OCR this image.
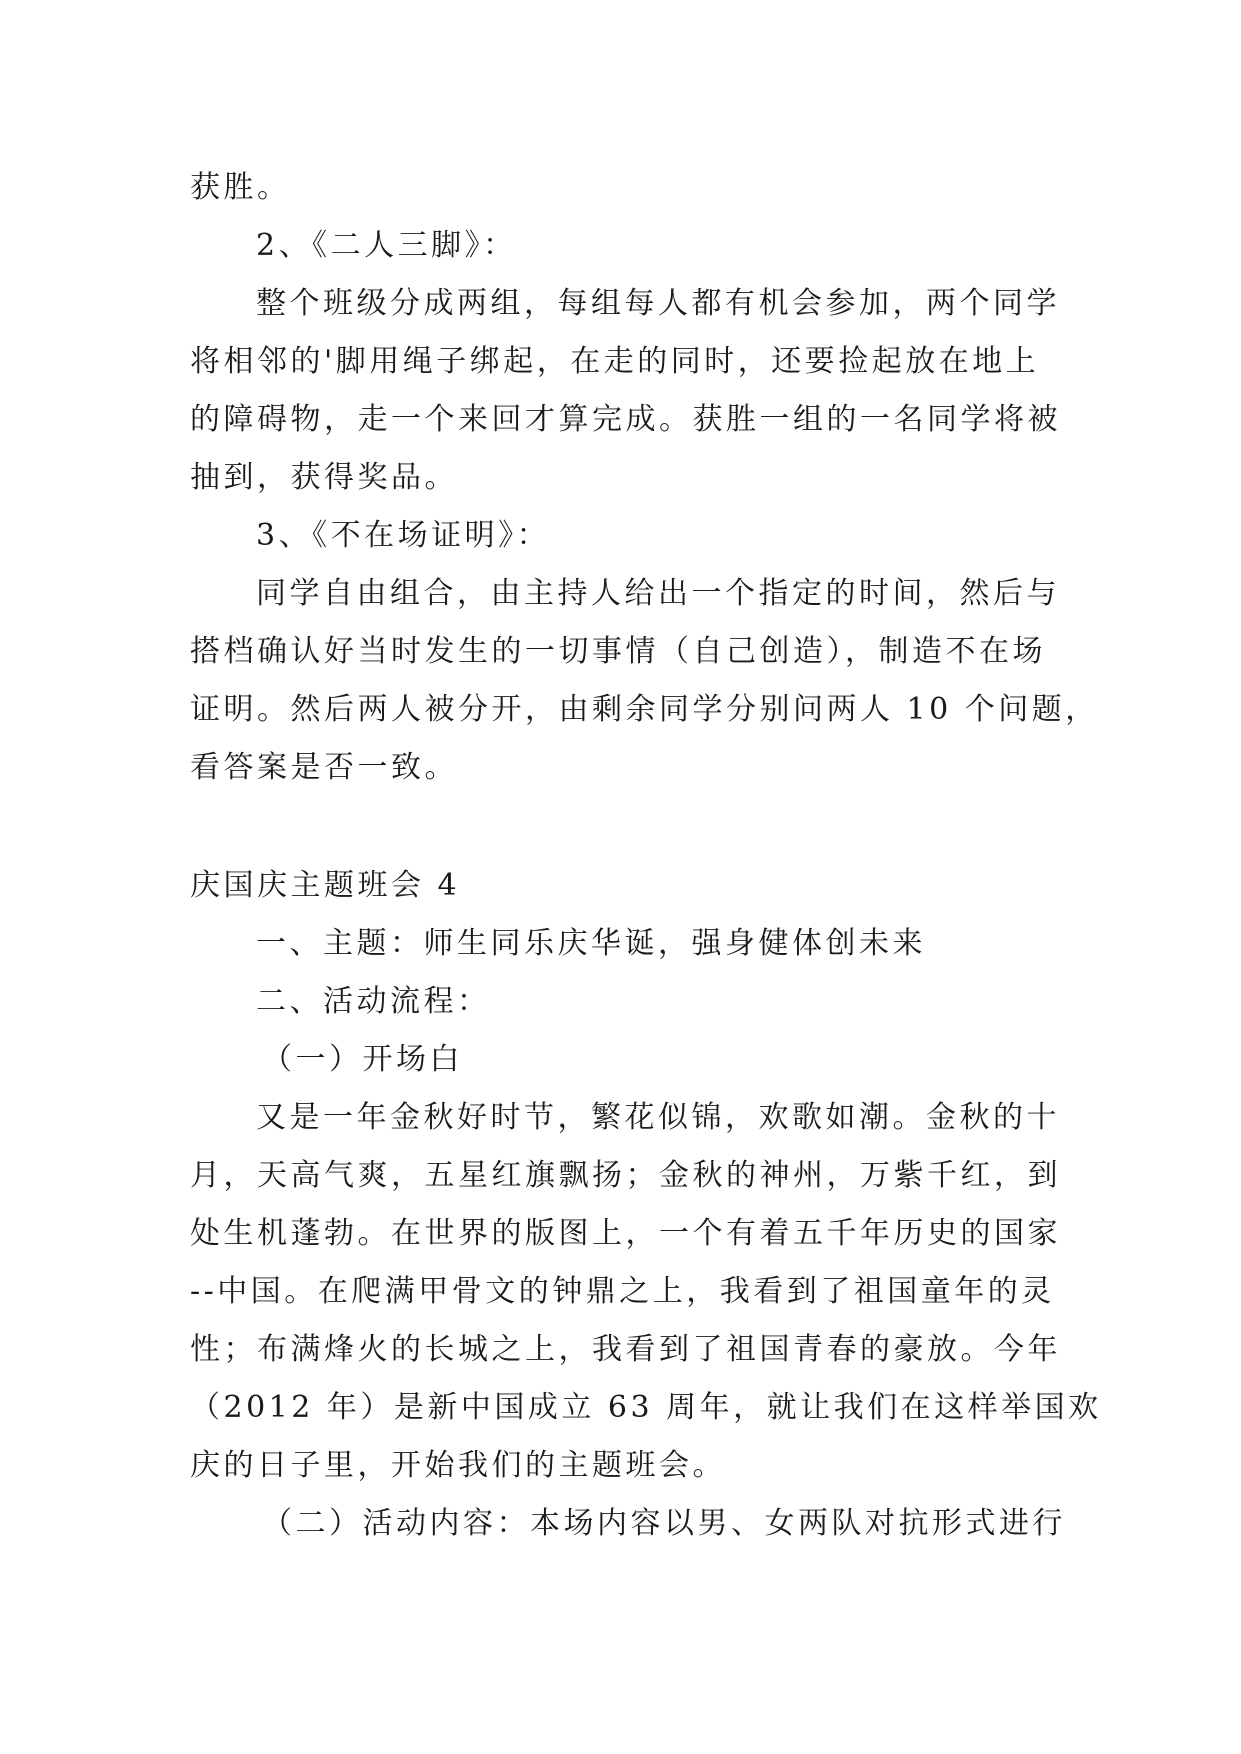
获胜。
2、《二人三脚》：
整个班级分成两组，每组每人都有机会参加，两个同学
将相邻的'脚用绳子绑起，在走的同时，还要捡起放在地上
的障碍物，走一个来回才算完成。获胜一组的一名同学将被
抽到，获得奖品。
3、《不在场证明》：
同学自由组合，由主持人给出一个指定的时间，然后与
搭档确认好当时发生的一切事情（自己创造），制造不在场
证明。然后两人被分开，由剩余同学分别问两人 10 个问题，
看答案是否一致。
庆国庆主题班会 4
一、主题：师生同乐庆华诞，强身健体创未来
二、活动流程：
（一）开场白
又是一年金秋好时节，繁花似锦，欢歌如潮。金秋的十
月，天高气爽，五星红旗飘扬；金秋的神州，万紫千红，到
处生机蓬勃。在世界的版图上，一个有着五千年历史的国家
--中国。在爬满甲骨文的钟鼎之上，我看到了祖国童年的灵
性；布满烽火的长城之上，我看到了祖国青春的豪放。今年
（2012 年）是新中国成立 63 周年，就让我们在这样举国欢
庆的日子里，开始我们的主题班会。
（二）活动内容：本场内容以男、女两队对抗形式进行
